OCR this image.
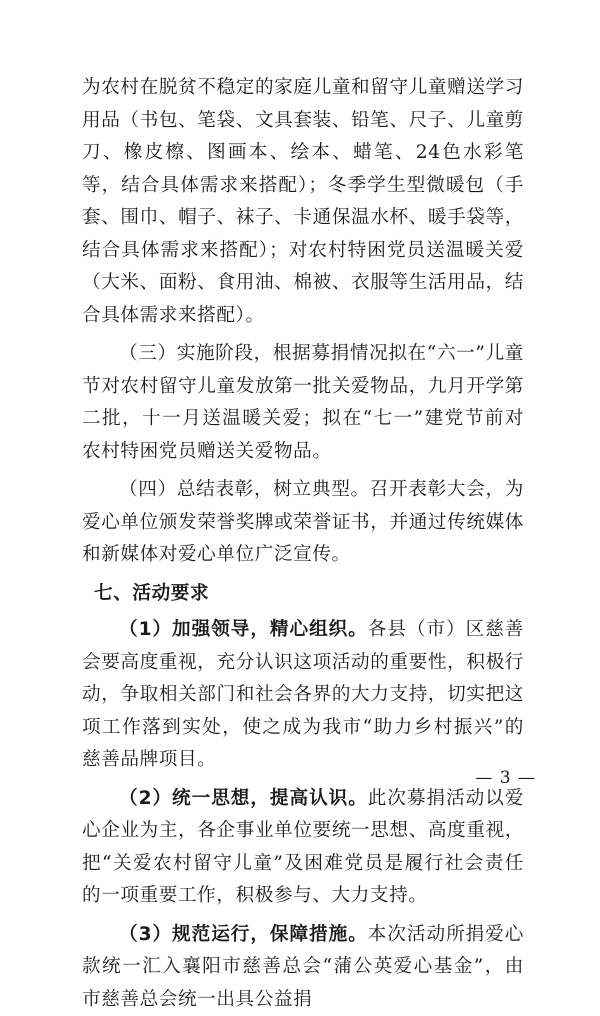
为农村在脱贫不稳定的家庭儿童和留守儿童赠送学习用品（书包、笔袋、文具套装、铅笔、尺子、儿童剪刀、橡皮檫、图画本、绘本、蜡笔、24色水彩笔等，结合具体需求来搭配）；冬季学生型微暖包（手套、围巾、帽子、袜子、卡通保温水杯、暖手袋等，结合具体需求来搭配）；对农村特困党员送温暖关爱（大米、面粉、食用油、棉被、衣服等生活用品，结合具体需求来搭配）。

（三）实施阶段，根据募捐情况拟在“六一”儿童节对农村留守儿童发放第一批关爱物品，九月开学第二批，十一月送温暖关爱；拟在“七一”建党节前对农村特困党员赠送关爱物品。

（四）总结表彰，树立典型。召开表彰大会，为爱心单位颁发荣誉奖牌或荣誉证书，并通过传统媒体和新媒体对爱心单位广泛宣传。

七、活动要求

（1）加强领导，精心组织。各县（市）区慈善会要高度重视，充分认识这项活动的重要性，积极行动，争取相关部门和社会各界的大力支持，切实把这项工作落到实处，使之成为我市“助力乡村振兴”的慈善品牌项目。

（2）统一思想，提高认识。此次募捐活动以爱心企业为主，各企事业单位要统一思想、高度重视，把“关爱农村留守儿童”及困难党员是履行社会责任的一项重要工作，积极参与、大力支持。

（3）规范运行，保障措施。本次活动所捐爱心款统一汇入襄阳市慈善总会“蒲公英爱心基金”，由市慈善总会统一出具公益捐

— 3 —
